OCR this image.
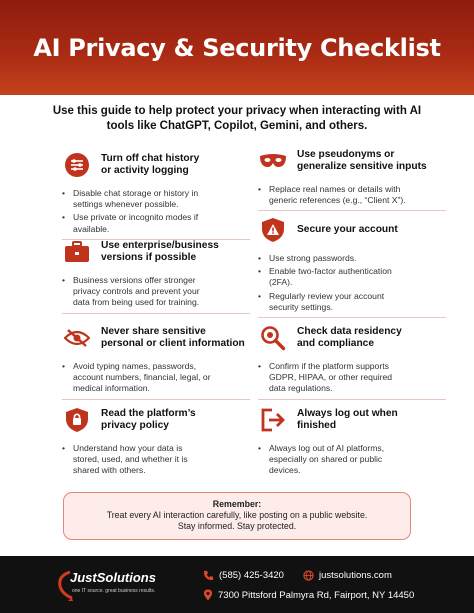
AI Privacy & Security Checklist
Use this guide to help protect your privacy when interacting with AI tools like ChatGPT, Copilot, Gemini, and others.
Turn off chat history
or activity logging
• Disable chat storage or history in
settings whenever possible.
• Use private or incognito modes if
available.
Use pseudonyms or
generalize sensitive inputs
• Replace real names or details with
generic references (e.g., “Client X”).
Use enterprise/business
versions if possible
• Business versions offer stronger
privacy controls and prevent your
data from being used for training.
Secure your account
• Use strong passwords.
• Enable two-factor authentication
(2FA).
• Regularly review your account
security settings.
Never share sensitive
personal or client information
• Avoid typing names, passwords,
account numbers, financial, legal, or
medical information.
Check data residency
and compliance
• Confirm if the platform supports
GDPR, HIPAA, or other required
data regulations.
Read the platform’s
privacy policy
• Understand how your data is
stored, used, and whether it is
shared with others.
Always log out when
finished
• Always log out of AI platforms,
especially on shared or public
devices.
Remember:
Treat every AI interaction carefully, like posting on a public website.
Stay informed. Stay protected.
JustSolutions
one IT source. great business results.
(585) 425-3420	justsolutions.com
7300 Pittsford Palmyra Rd, Fairport, NY 14450
